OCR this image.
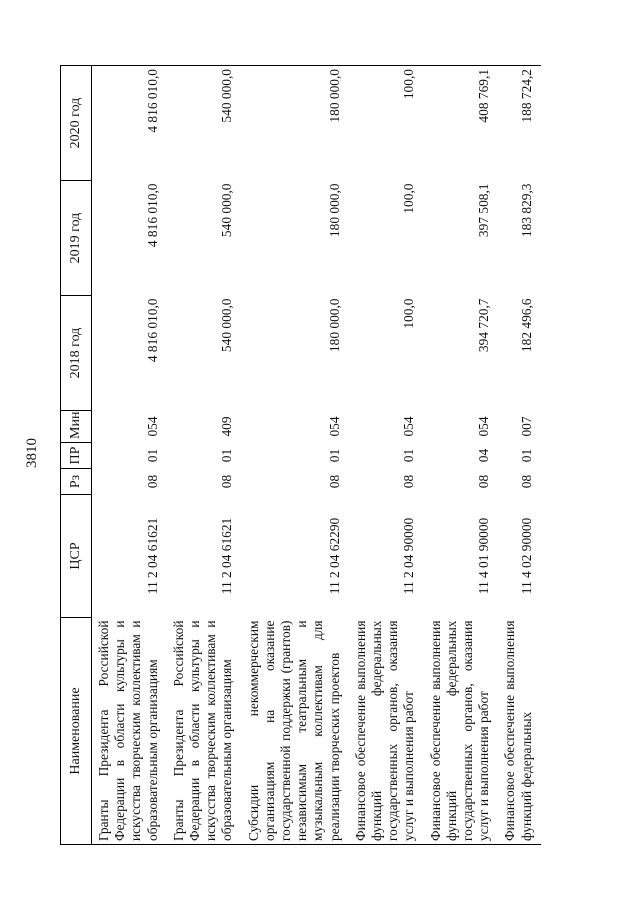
3810
Наименование	ЦСР	Рз	ПР	Мин	2018 год	2019 год	2020 год
Гранты Президента Российской Федерации в области культуры и искусства творческим коллективам и образовательным организациям	11 2 04 61621	08	01	054	4 816 010,0	4 816 010,0	4 816 010,0
Гранты Президента Российской Федерации в области культуры и искусства творческим коллективам и образовательным организациям	11 2 04 61621	08	01	409	540 000,0	540 000,0	540 000,0
Субсидии некоммерческим организациям на оказание государственной поддержки (грантов) независимым театральным и музыкальным коллективам для реализации творческих проектов	11 2 04 62290	08	01	054	180 000,0	180 000,0	180 000,0
Финансовое обеспечение выполнения функций федеральных государственных органов, оказания услуг и выполнения работ	11 2 04 90000	08	01	054	100,0	100,0	100,0
Финансовое обеспечение выполнения функций федеральных государственных органов, оказания услуг и выполнения работ	11 4 01 90000	08	04	054	394 720,7	397 508,1	408 769,1
Финансовое обеспечение выполнения функций федеральных	11 4 02 90000	08	01	007	182 496,6	183 829,3	188 724,2
